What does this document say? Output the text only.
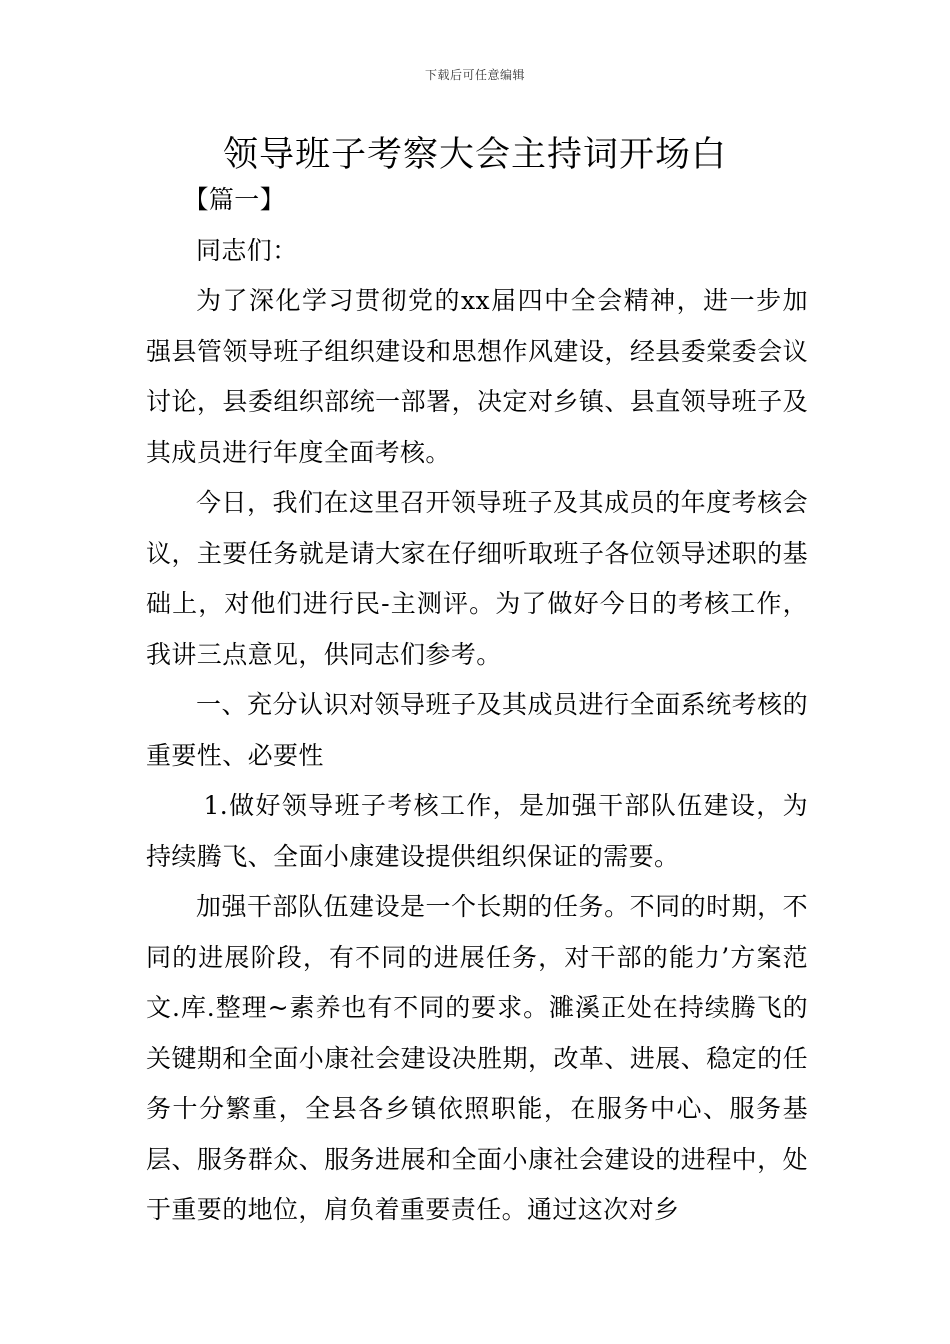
下载后可任意编辑
领导班子考察大会主持词开场白

【篇一】

同志们：

为了深化学习贯彻党的xx届四中全会精神，进一步加强县管领导班子组织建设和思想作风建设，经县委棠委会议讨论，县委组织部统一部署，决定对乡镇、县直领导班子及其成员进行年度全面考核。

今日，我们在这里召开领导班子及其成员的年度考核会议，主要任务就是请大家在仔细听取班子各位领导述职的基础上，对他们进行民-主测评。为了做好今日的考核工作，我讲三点意见，供同志们参考。

一、充分认识对领导班子及其成员进行全面系统考核的重要性、必要性

1.做好领导班子考核工作，是加强干部队伍建设，为持续腾飞、全面小康建设提供组织保证的需要。

加强干部队伍建设是一个长期的任务。不同的时期，不同的进展阶段，有不同的进展任务，对干部的能力’方案范文.库.整理~素养也有不同的要求。濉溪正处在持续腾飞的关键期和全面小康社会建设决胜期，改革、进展、稳定的任务十分繁重，全县各乡镇依照职能，在服务中心、服务基层、服务群众、服务进展和全面小康社会建设的进程中，处于重要的地位，肩负着重要责任。通过这次对乡
